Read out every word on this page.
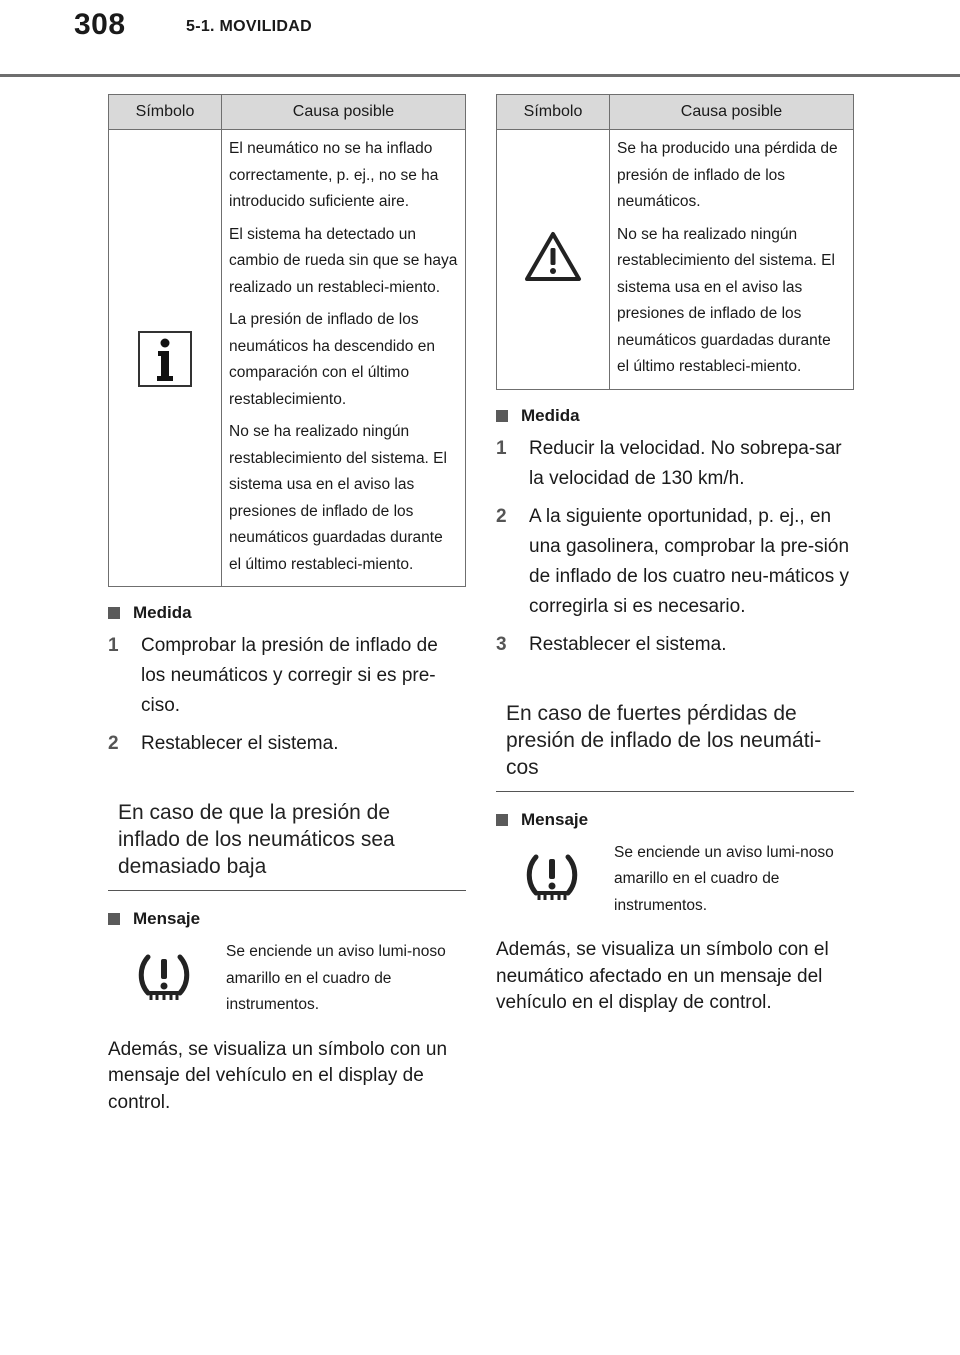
308	5-1. MOVILIDAD
Símbolo	Causa posible

El neumático no se ha inflado correctamente, p. ej., no se ha introducido suficiente aire.

El sistema ha detectado un cambio de rueda sin que se haya realizado un restableci-miento.

La presión de inflado de los neumáticos ha descendido en comparación con el último restablecimiento.

No se ha realizado ningún restablecimiento del sistema. El sistema usa en el aviso las presiones de inflado de los neumáticos guardadas durante el último restableci-miento.

Medida
1 Comprobar la presión de inflado de los neumáticos y corregir si es pre-ciso.
2 Restablecer el sistema.
En caso de que la presión de inflado de los neumáticos sea demasiado baja
Mensaje
Se enciende un aviso lumi-noso amarillo en el cuadro de instrumentos.
Además, se visualiza un símbolo con un mensaje del vehículo en el display de control.
Símbolo	Causa posible

Se ha producido una pérdida de presión de inflado de los neumáticos.

No se ha realizado ningún restablecimiento del sistema. El sistema usa en el aviso las presiones de inflado de los neumáticos guardadas durante el último restableci-miento.

Medida
1 Reducir la velocidad. No sobrepa-sar la velocidad de 130 km/h.
2 A la siguiente oportunidad, p. ej., en una gasolinera, comprobar la pre-sión de inflado de los cuatro neu-máticos y corregirla si es necesario.
3 Restablecer el sistema.
En caso de fuertes pérdidas de presión de inflado de los neumáti-cos
Mensaje
Se enciende un aviso lumi-noso amarillo en el cuadro de instrumentos.
Además, se visualiza un símbolo con el neumático afectado en un mensaje del vehículo en el display de control.
